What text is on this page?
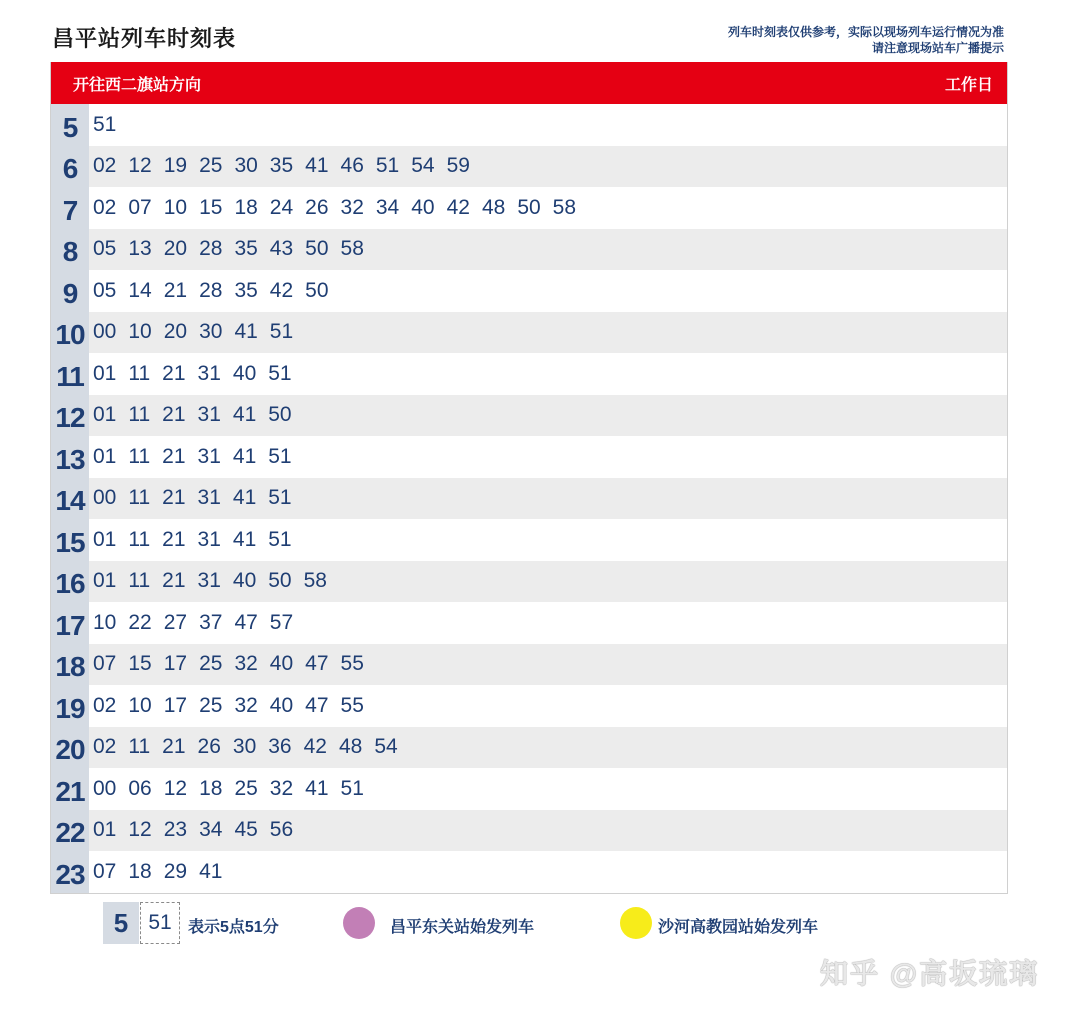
昌平站列车时刻表	列车时刻表仅供参考，实际以现场列车运行情况为准
请注意现场站车广播提示
开往西二旗站方向	工作日
5 51
6 02 12 19 25 30 35 41 46 51 54 59
7 02 07 10 15 18 24 26 32 34 40 42 48 50 58
8 05 13 20 28 35 43 50 58
9 05 14 21 28 35 42 50
10 00 10 20 30 41 51
11 01 11 21 31 40 51
12 01 11 21 31 41 50
13 01 11 21 31 41 51
14 00 11 21 31 41 51
15 01 11 21 31 41 51
16 01 11 21 31 40 50 58
17 10 22 27 37 47 57
18 07 15 17 25 32 40 47 55
19 02 10 17 25 32 40 47 55
20 02 11 21 26 30 36 42 48 54
21 00 06 12 18 25 32 41 51
22 01 12 23 34 45 56
23 07 18 29 41
5 51	表示5点51分	昌平东关站始发列车	沙河高教园站始发列车
知乎 @高坂琉璃
